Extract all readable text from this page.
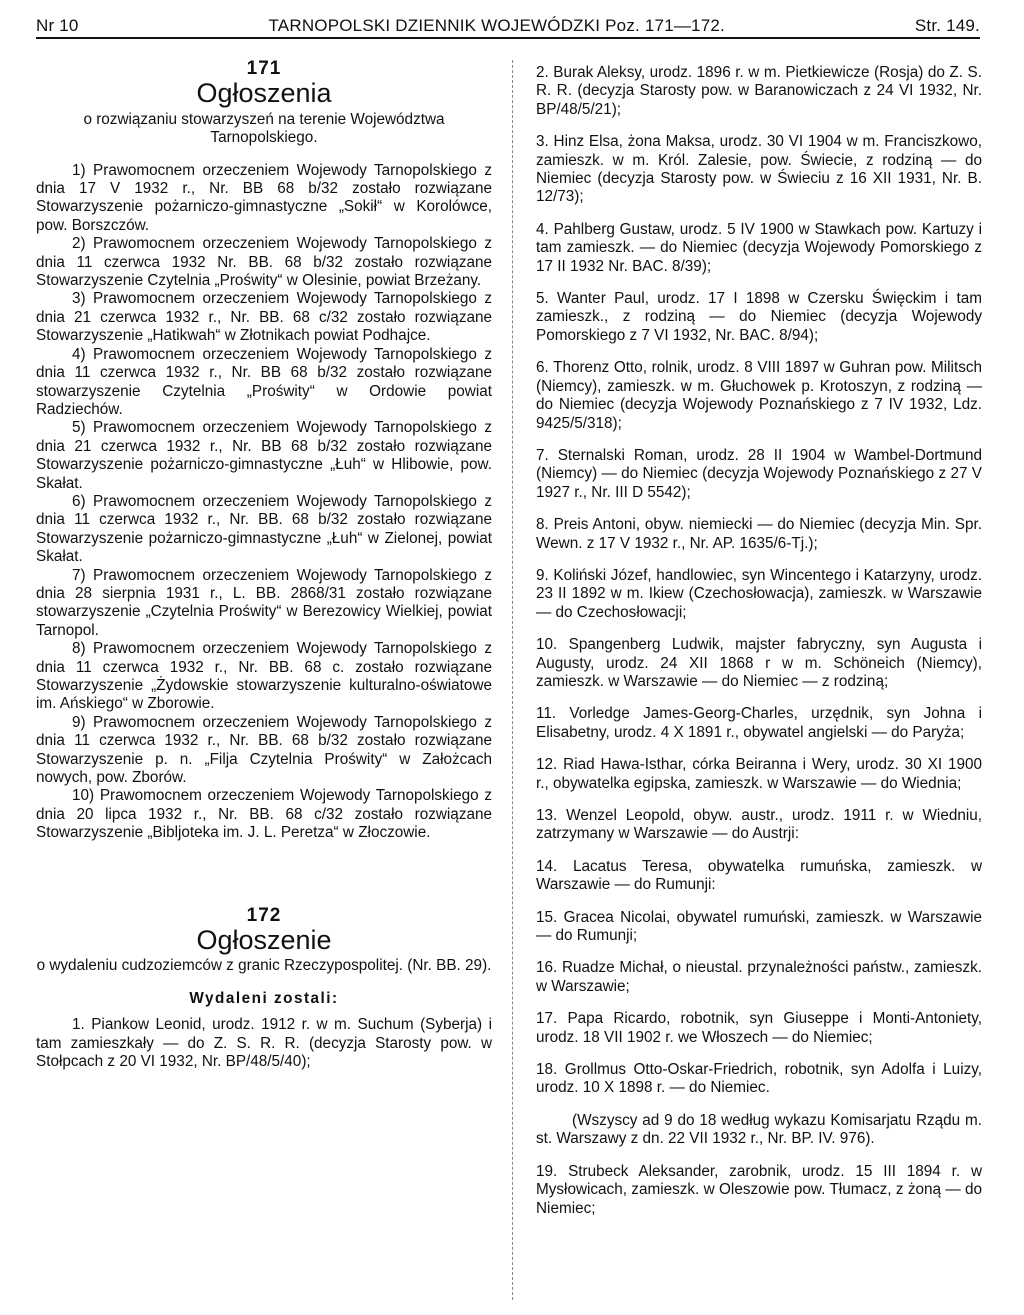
Nr 10	TARNOPOLSKI DZIENNIK WOJEWÓDZKI Poz. 171—172.	Str. 149.
171
Ogłoszenia
o rozwiązaniu stowarzyszeń na terenie Województwa Tarnopolskiego.

1) Prawomocnem orzeczeniem Wojewody Tarnopolskiego z dnia 17 V 1932 r., Nr. BB 68 b/32 zostało rozwiązane Stowarzyszenie pożarniczo-gimnastyczne „Sokił“ w Korolówce, pow. Borszczów.

2) Prawomocnem orzeczeniem Wojewody Tarnopolskiego z dnia 11 czerwca 1932 Nr. BB. 68 b/32 zostało rozwiązane Stowarzyszenie Czytelnia „Proświty“ w Olesinie, powiat Brzeżany.

3) Prawomocnem orzeczeniem Wojewody Tarnopolskiego z dnia 21 czerwca 1932 r., Nr. BB. 68 c/32 zostało rozwiązane Stowarzyszenie „Hatikwah“ w Złotnikach powiat Podhajce.

4) Prawomocnem orzeczeniem Wojewody Tarnopolskiego z dnia 11 czerwca 1932 r., Nr. BB 68 b/32 zostało rozwiązane stowarzyszenie Czytelnia „Proświty“ w Ordowie powiat Radziechów.

5) Prawomocnem orzeczeniem Wojewody Tarnopolskiego z dnia 21 czerwca 1932 r., Nr. BB 68 b/32 zostało rozwiązane Stowarzyszenie pożarniczo-gimnastyczne „Łuh“ w Hlibowie, pow. Skałat.

6) Prawomocnem orzeczeniem Wojewody Tarnopolskiego z dnia 11 czerwca 1932 r., Nr. BB. 68 b/32 zostało rozwiązane Stowarzyszenie pożarniczo-gimnastyczne „Łuh“ w Zielonej, powiat Skałat.

7) Prawomocnem orzeczeniem Wojewody Tarnopolskiego z dnia 28 sierpnia 1931 r., L. BB. 2868/31 zostało rozwiązane stowarzyszenie „Czytelnia Proświty“ w Berezowicy Wielkiej, powiat Tarnopol.

8) Prawomocnem orzeczeniem Wojewody Tarnopolskiego z dnia 11 czerwca 1932 r., Nr. BB. 68 c. zostało rozwiązane Stowarzyszenie „Żydowskie stowarzyszenie kulturalno-oświatowe im. Ańskiego“ w Zborowie.

9) Prawomocnem orzeczeniem Wojewody Tarnopolskiego z dnia 11 czerwca 1932 r., Nr. BB. 68 b/32 zostało rozwiązane Stowarzyszenie p. n. „Filja Czytelnia Proświty“ w Założcach nowych, pow. Zborów.

10) Prawomocnem orzeczeniem Wojewody Tarnopolskiego z dnia 20 lipca 1932 r., Nr. BB. 68 c/32 zostało rozwiązane Stowarzyszenie „Bibljoteka im. J. L. Peretza“ w Złoczowie.

172
Ogłoszenie
o wydaleniu cudzoziemców z granic Rzeczypospolitej. (Nr. BB. 29).
Wydaleni zostali:

1. Piankow Leonid, urodz. 1912 r. w m. Suchum (Syberja) i tam zamieszkały — do Z. S. R. R. (decyzja Starosty pow. w Stołpcach z 20 VI 1932, Nr. BP/48/5/40);

2. Burak Aleksy, urodz. 1896 r. w m. Pietkiewicze (Rosja) do Z. S. R. R. (decyzja Starosty pow. w Baranowiczach z 24 VI 1932, Nr. BP/48/5/21);

3. Hinz Elsa, żona Maksa, urodz. 30 VI 1904 w m. Franciszkowo, zamieszk. w m. Król. Zalesie, pow. Świecie, z rodziną — do Niemiec (decyzja Starosty pow. w Świeciu z 16 XII 1931, Nr. B. 12/73);

4. Pahlberg Gustaw, urodz. 5 IV 1900 w Stawkach pow. Kartuzy i tam zamieszk. — do Niemiec (decyzja Wojewody Pomorskiego z 17 II 1932 Nr. BAC. 8/39);

5. Wanter Paul, urodz. 17 I 1898 w Czersku Święckim i tam zamieszk., z rodziną — do Niemiec (decyzja Wojewody Pomorskiego z 7 VI 1932, Nr. BAC. 8/94);

6. Thorenz Otto, rolnik, urodz. 8 VIII 1897 w Guhran pow. Militsch (Niemcy), zamieszk. w m. Głuchowek p. Krotoszyn, z rodziną — do Niemiec (decyzja Wojewody Poznańskiego z 7 IV 1932, Ldz. 9425/5/318);

7. Sternalski Roman, urodz. 28 II 1904 w Wambel-Dortmund (Niemcy) — do Niemiec (decyzja Wojewody Poznańskiego z 27 V 1927 r., Nr. III D 5542);

8. Preis Antoni, obyw. niemiecki — do Niemiec (decyzja Min. Spr. Wewn. z 17 V 1932 r., Nr. AP. 1635/6-Tj.);

9. Koliński Józef, handlowiec, syn Wincentego i Katarzyny, urodz. 23 II 1892 w m. Ikiew (Czechosłowacja), zamieszk. w Warszawie — do Czechosłowacji;

10. Spangenberg Ludwik, majster fabryczny, syn Augusta i Augusty, urodz. 24 XII 1868 r w m. Schöneich (Niemcy), zamieszk. w Warszawie — do Niemiec — z rodziną;

11. Vorledge James-Georg-Charles, urzędnik, syn Johna i Elisabetny, urodz. 4 X 1891 r., obywatel angielski — do Paryża;

12. Riad Hawa-Isthar, córka Beiranna i Wery, urodz. 30 XI 1900 r., obywatelka egipska, zamieszk. w Warszawie — do Wiednia;

13. Wenzel Leopold, obyw. austr., urodz. 1911 r. w Wiedniu, zatrzymany w Warszawie — do Austrji:

14. Lacatus Teresa, obywatelka rumuńska, zamieszk. w Warszawie — do Rumunji:

15. Gracea Nicolai, obywatel rumuński, zamieszk. w Warszawie — do Rumunji;

16. Ruadze Michał, o nieustal. przynależności państw., zamieszk. w Warszawie;

17. Papa Ricardo, robotnik, syn Giuseppe i Monti-Antoniety, urodz. 18 VII 1902 r. we Włoszech — do Niemiec;

18. Grollmus Otto-Oskar-Friedrich, robotnik, syn Adolfa i Luizy, urodz. 10 X 1898 r. — do Niemiec.

(Wszyscy ad 9 do 18 według wykazu Komisarjatu Rządu m. st. Warszawy z dn. 22 VII 1932 r., Nr. BP. IV. 976).

19. Strubeck Aleksander, zarobnik, urodz. 15 III 1894 r. w Mysłowicach, zamieszk. w Oleszowie pow. Tłumacz, z żoną — do Niemiec;
